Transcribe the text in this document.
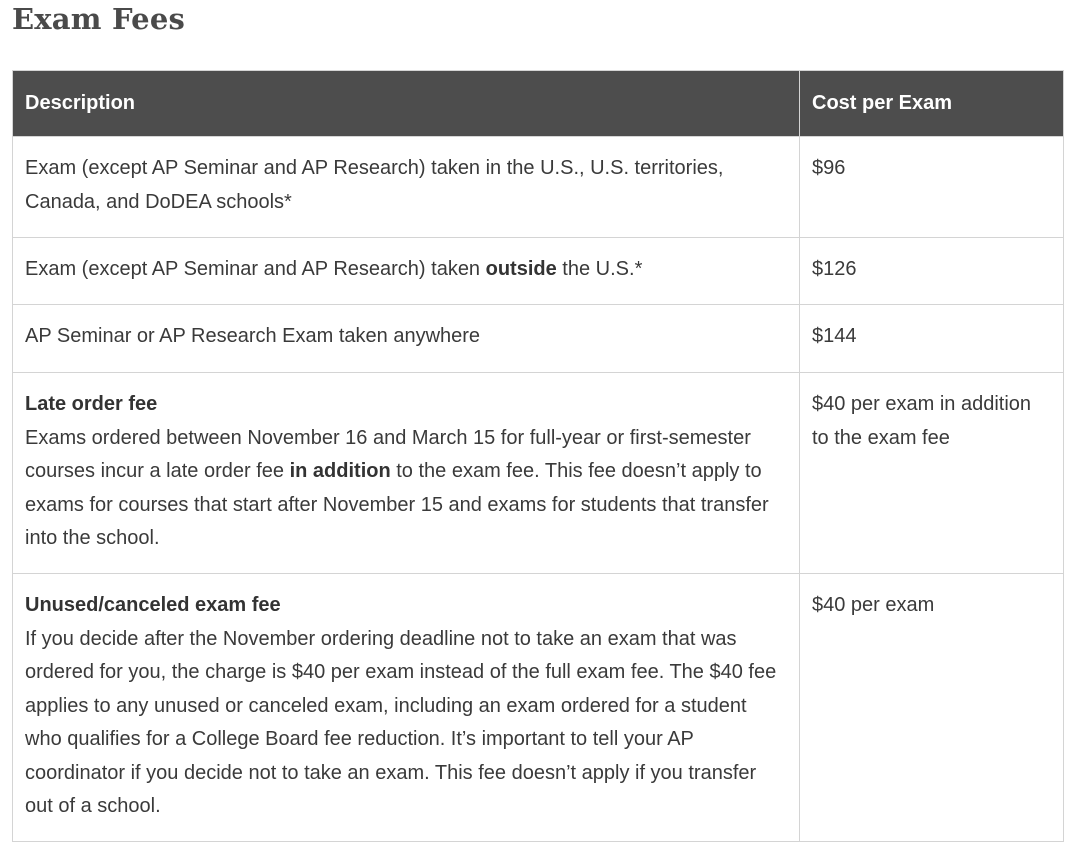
Exam Fees
Description	Cost per Exam
Exam (except AP Seminar and AP Research) taken in the U.S., U.S. territories, Canada, and DoDEA schools*	$96
Exam (except AP Seminar and AP Research) taken outside the U.S.*	$126
AP Seminar or AP Research Exam taken anywhere	$144

Late order fee
Exams ordered between November 16 and March 15 for full-year or first-semester courses incur a late order fee in addition to the exam fee. This fee doesn’t apply to exams for courses that start after November 15 and exams for students that transfer into the school.	$40 per exam in addition to the exam fee

Unused/canceled exam fee
If you decide after the November ordering deadline not to take an exam that was ordered for you, the charge is $40 per exam instead of the full exam fee. The $40 fee applies to any unused or canceled exam, including an exam ordered for a student who qualifies for a College Board fee reduction. It’s important to tell your AP coordinator if you decide not to take an exam. This fee doesn’t apply if you transfer out of a school.	$40 per exam
